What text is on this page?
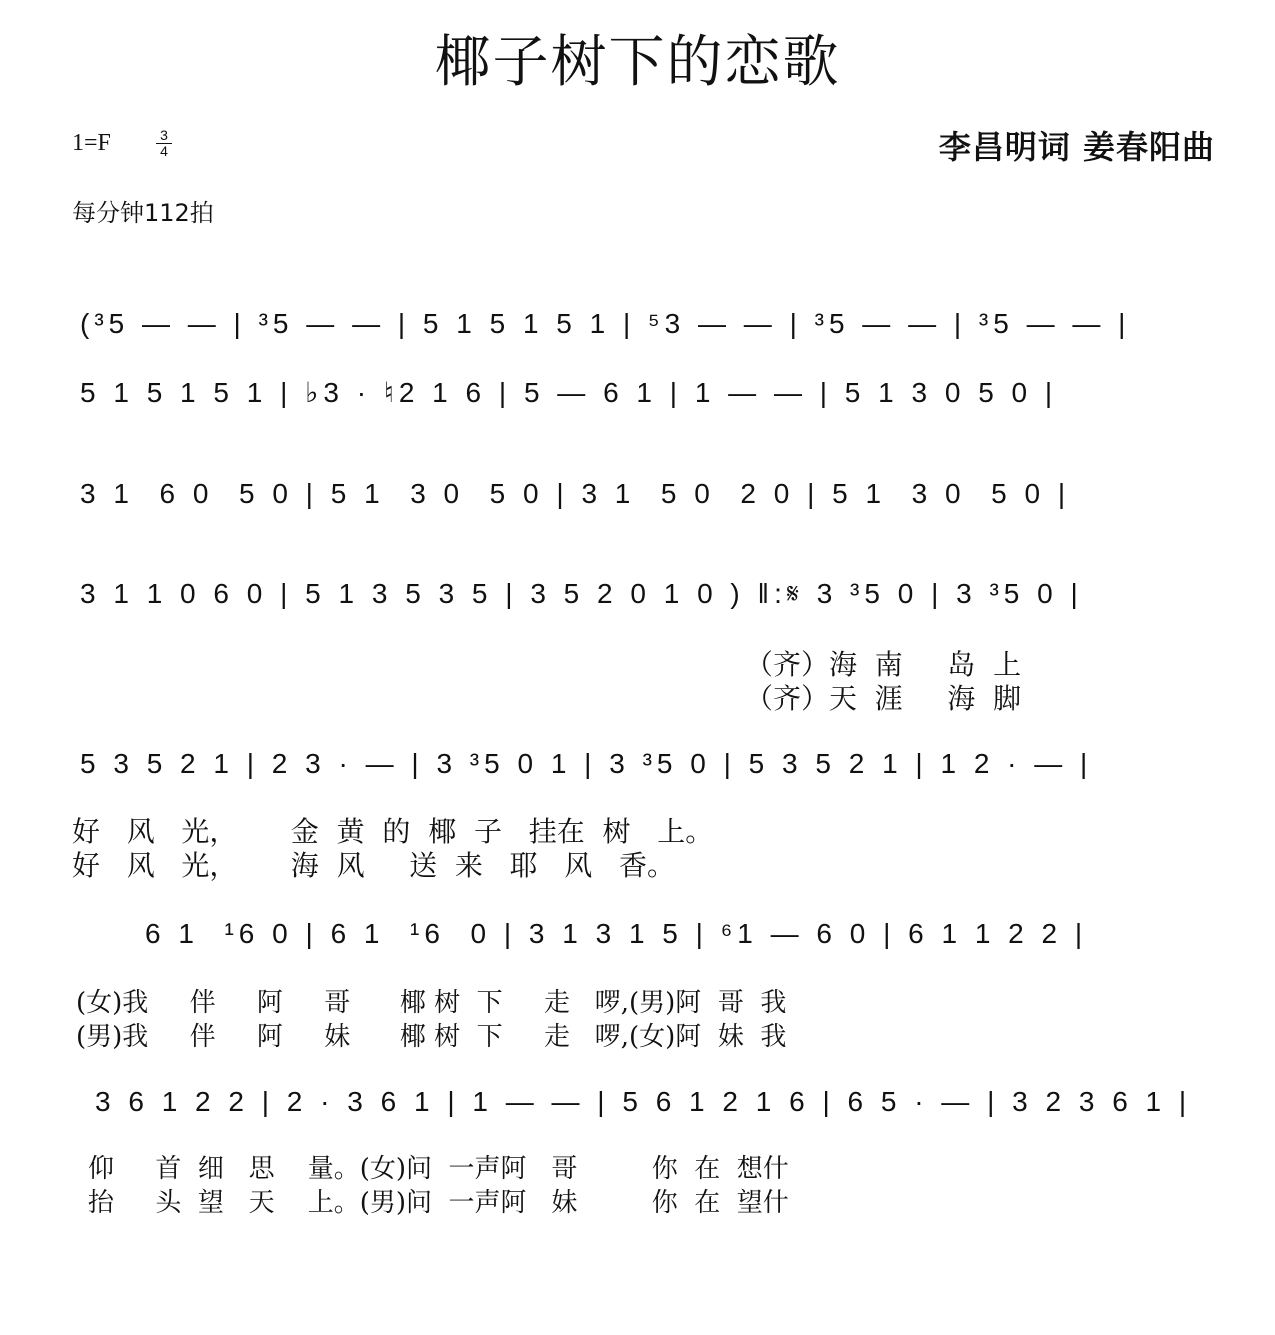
椰子树下的恋歌
1=F	3
4	李昌明词 姜春阳曲
每分钟112拍
(³5 — — | ³5 — — | 5 1 5 1 5 1 | ⁵3 — — | ³5 — — | ³5 — — |
5 1 5 1 5 1 | ♭3 · ♮2 1 6 | 5 — 6 1 | 1 — — | 5 1 3 0 5 0 |
3 1  6 0  5 0 | 5 1  3 0  5 0 | 3 1  5 0  2 0 | 5 1  3 0  5 0 |
3 1 1 0 6 0 | 5 1 3 5 3 5 | 3 5 2 0 1 0 ) ‖:𝄋 3 ³5 0 | 3 ³5 0 |
（齐）海  南     岛  上
（齐）天  涯     海  脚
5 3 5 2 1 | 2 3 · — | 3 ³5 0 1 | 3 ³5 0 | 5 3 5 2 1 | 1 2 · — |
好   风   光，      金  黄  的  椰  子   挂在  树   上。
好   风   光，      海  风     送  来   耶   风   香。
6 1  ¹6 0 | 6 1  ¹6  0 | 3 1 3 1 5 | ⁶1 — 6 0 | 6 1 1 2 2 |
(女)我     伴     阿     哥      椰 树  下     走   啰,(男)阿  哥  我
(男)我     伴     阿     妹      椰 树  下     走   啰,(女)阿  妹  我
3 6 1 2 2 | 2 · 3 6 1 | 1 — — | 5 6 1 2 1 6 | 6 5 · — | 3 2 3 6 1 |
仰     首  细   思    量。(女)问  一声阿   哥         你  在  想什
抬     头  望   天    上。(男)问  一声阿   妹         你  在  望什
